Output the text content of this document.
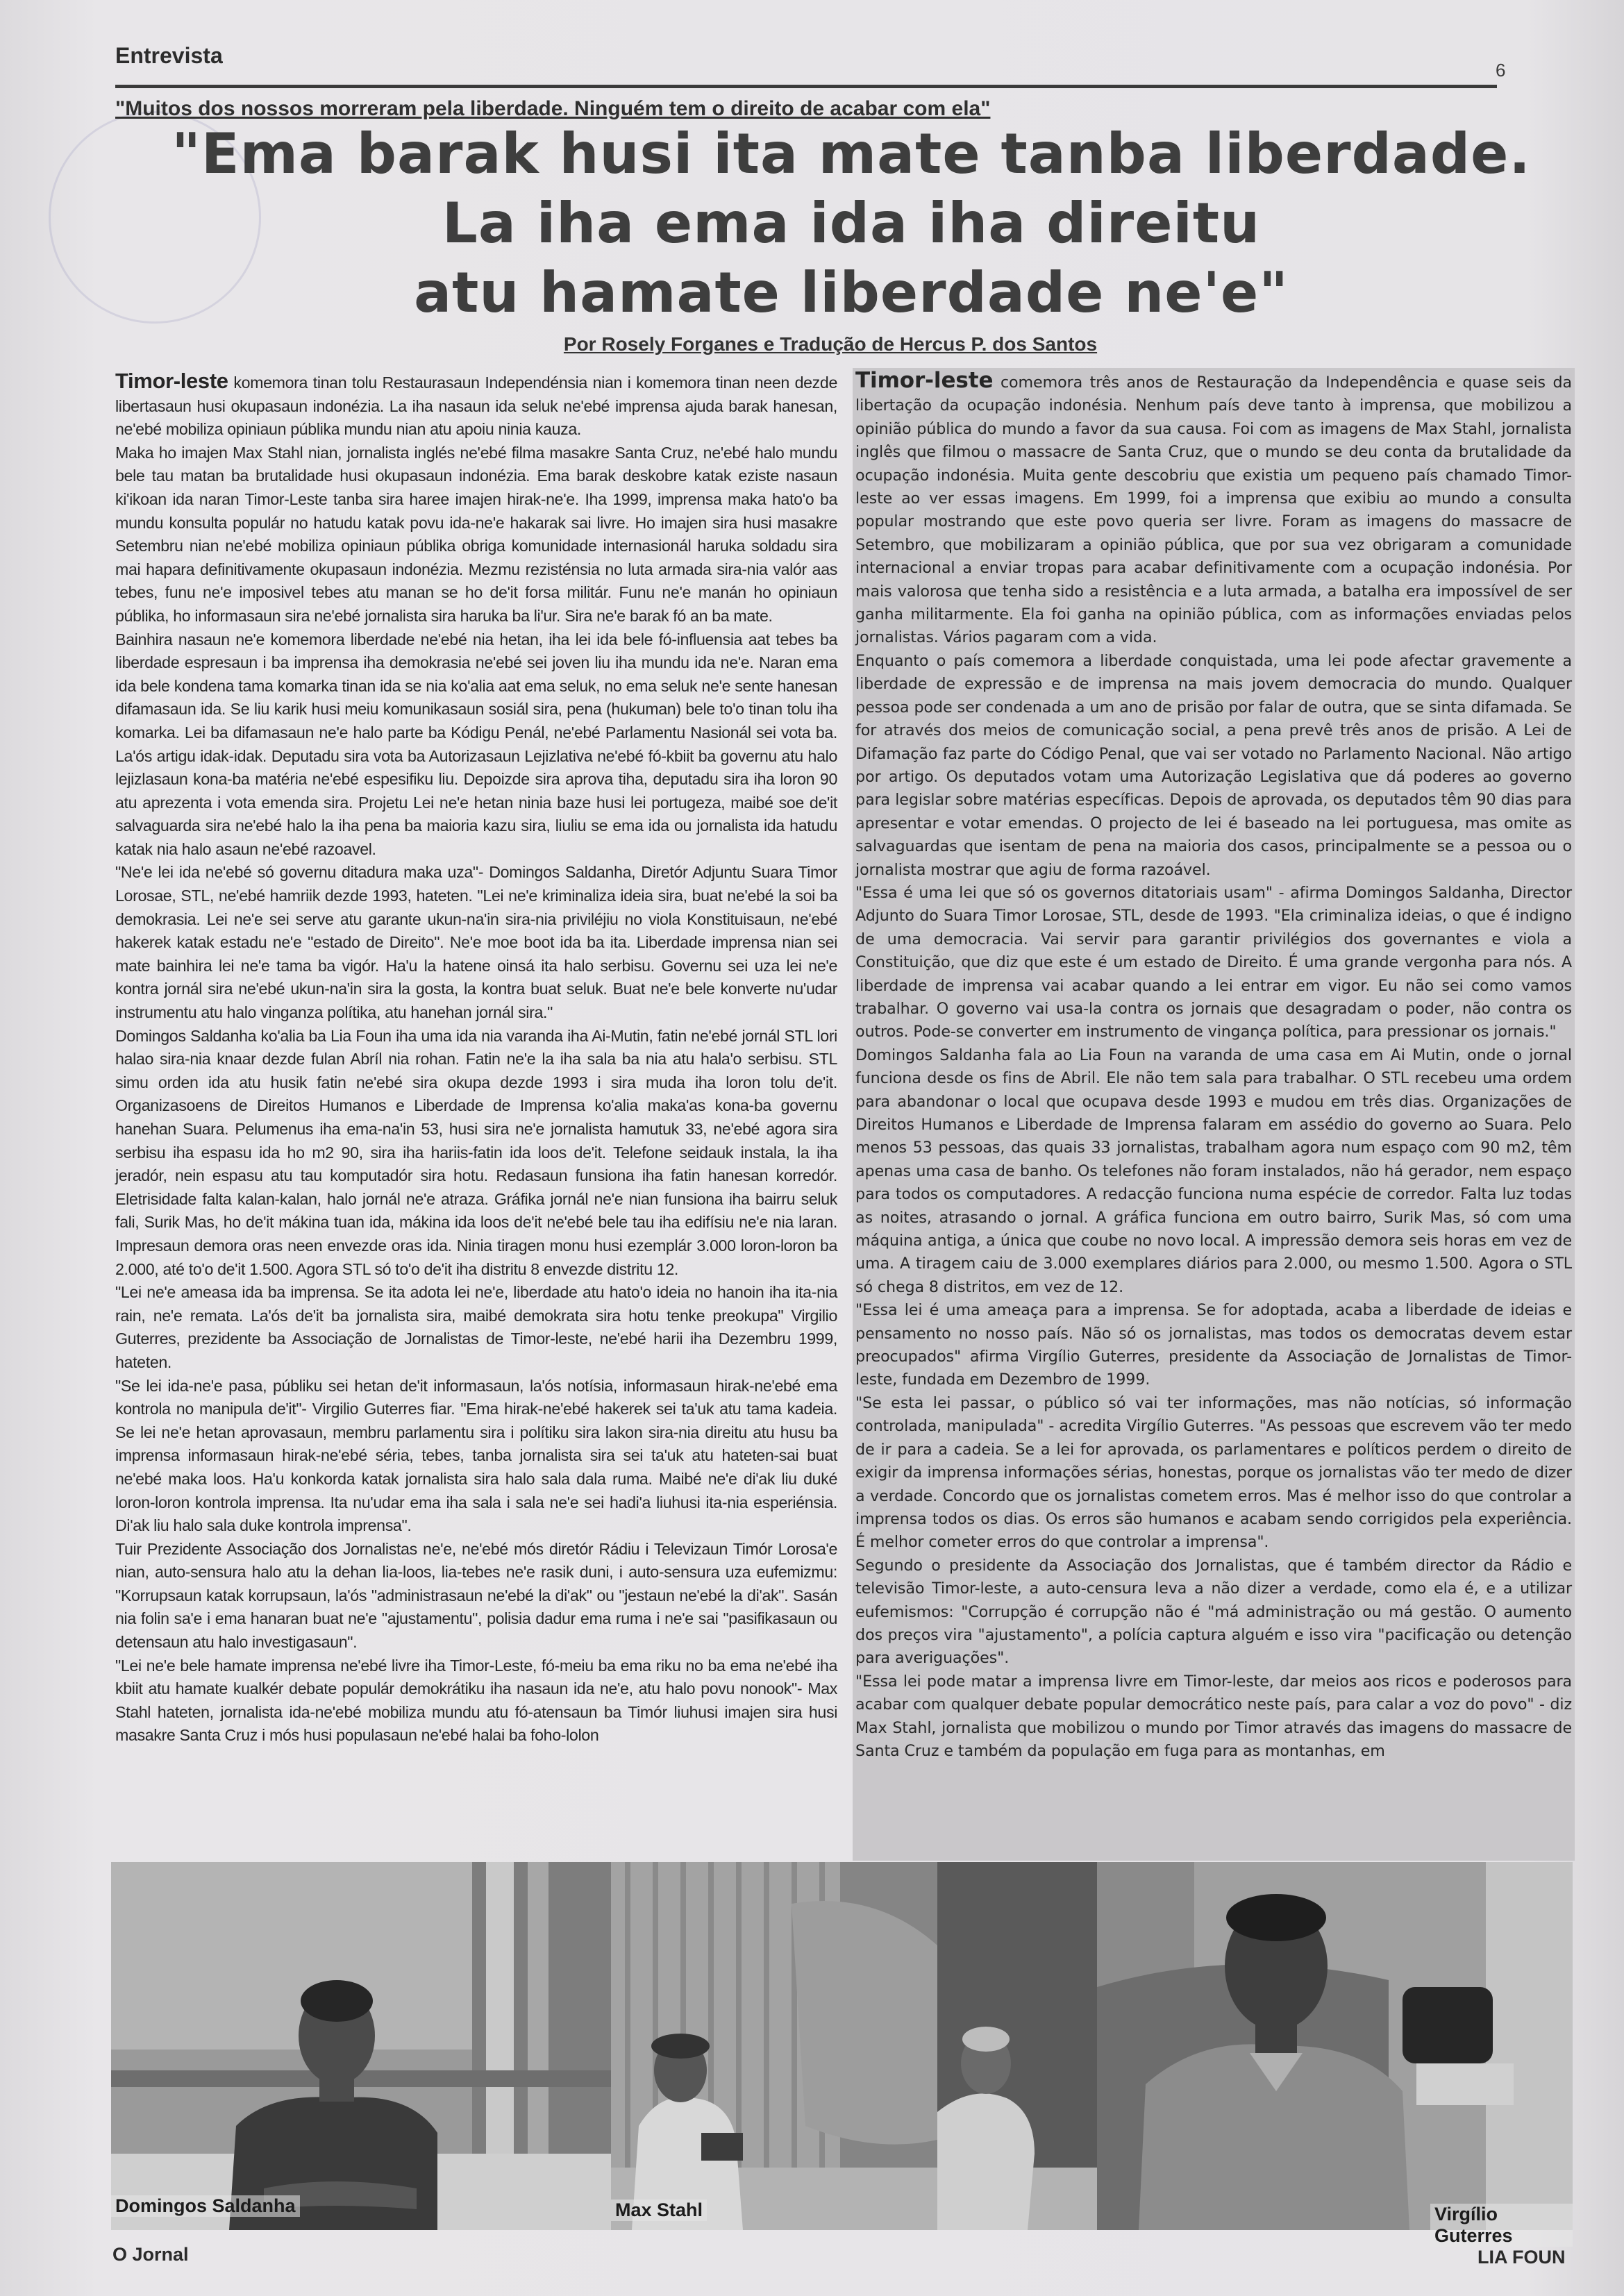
Entrevista
6
"Muitos dos nossos morreram pela liberdade. Ninguém tem o direito de acabar com ela"
"Ema barak husi ita mate tanba liberdade.
La iha ema ida iha direitu
atu hamate liberdade ne'e"
Por Rosely Forganes e Tradução de Hercus P. dos Santos

Timor-leste komemora tinan tolu Restaurasaun Independénsia nian i komemora tinan neen dezde libertasaun husi okupasaun indonézia. La iha nasaun ida seluk ne'ebé imprensa ajuda barak hanesan, ne'ebé mobiliza opiniaun públika mundu nian atu apoiu ninia kauza.

Maka ho imajen Max Stahl nian, jornalista inglés ne'ebé filma masakre Santa Cruz, ne'ebé halo mundu bele tau matan ba brutalidade husi okupasaun indonézia. Ema barak deskobre katak eziste nasaun ki'ikoan ida naran Timor-Leste tanba sira haree imajen hirak-ne'e. Iha 1999, imprensa maka hato'o ba mundu konsulta populár no hatudu katak povu ida-ne'e hakarak sai livre. Ho imajen sira husi masakre Setembru nian ne'ebé mobiliza opiniaun públika obriga komunidade internasionál haruka soldadu sira mai hapara definitivamente okupasaun indonézia. Mezmu rezisténsia no luta armada sira-nia valór aas tebes, funu ne'e imposivel tebes atu manan se ho de'it forsa militár. Funu ne'e manán ho opiniaun públika, ho informasaun sira ne'ebé jornalista sira haruka ba li'ur. Sira ne'e barak fó an ba mate.

Bainhira nasaun ne'e komemora liberdade ne'ebé nia hetan, iha lei ida bele fó-influensia aat tebes ba liberdade espresaun i ba imprensa iha demokrasia ne'ebé sei joven liu iha mundu ida ne'e. Naran ema ida bele kondena tama komarka tinan ida se nia ko'alia aat ema seluk, no ema seluk ne'e sente hanesan difamasaun ida. Se liu karik husi meiu komunikasaun sosiál sira, pena (hukuman) bele to'o tinan tolu iha komarka. Lei ba difamasaun ne'e halo parte ba Kódigu Penál, ne'ebé Parlamentu Nasionál sei vota ba. La'ós artigu idak-idak. Deputadu sira vota ba Autorizasaun Lejizlativa ne'ebé fó-kbiit ba governu atu halo lejizlasaun kona-ba matéria ne'ebé espesifiku liu. Depoizde sira aprova tiha, deputadu sira iha loron 90 atu aprezenta i vota emenda sira. Projetu Lei ne'e hetan ninia baze husi lei portugeza, maibé soe de'it salvaguarda sira ne'ebé halo la iha pena ba maioria kazu sira, liuliu se ema ida ou jornalista ida hatudu katak nia halo asaun ne'ebé razoavel.

"Ne'e lei ida ne'ebé só governu ditadura maka uza"- Domingos Saldanha, Diretór Adjuntu Suara Timor Lorosae, STL, ne'ebé hamriik dezde 1993, hateten. "Lei ne'e kriminaliza ideia sira, buat ne'ebé la soi ba demokrasia. Lei ne'e sei serve atu garante ukun-na'in sira-nia priviléjiu no viola Konstituisaun, ne'ebé hakerek katak estadu ne'e "estado de Direito". Ne'e moe boot ida ba ita. Liberdade imprensa nian sei mate bainhira lei ne'e tama ba vigór. Ha'u la hatene oinsá ita halo serbisu. Governu sei uza lei ne'e kontra jornál sira ne'ebé ukun-na'in sira la gosta, la kontra buat seluk. Buat ne'e bele konverte nu'udar instrumentu atu halo vinganza polítika, atu hanehan jornál sira."

Domingos Saldanha ko'alia ba Lia Foun iha uma ida nia varanda iha Ai-Mutin, fatin ne'ebé jornál STL lori halao sira-nia knaar dezde fulan Abríl nia rohan. Fatin ne'e la iha sala ba nia atu hala'o serbisu. STL simu orden ida atu husik fatin ne'ebé sira okupa dezde 1993 i sira muda iha loron tolu de'it. Organizasoens de Direitos Humanos e Liberdade de Imprensa ko'alia maka'as kona-ba governu hanehan Suara. Pelumenus iha ema-na'in 53, husi sira ne'e jornalista hamutuk 33, ne'ebé agora sira serbisu iha espasu ida ho m2 90, sira iha hariis-fatin ida loos de'it. Telefone seidauk instala, la iha jeradór, nein espasu atu tau komputadór sira hotu. Redasaun funsiona iha fatin hanesan korredór. Eletrisidade falta kalan-kalan, halo jornál ne'e atraza. Gráfika jornál ne'e nian funsiona iha bairru seluk fali, Surik Mas, ho de'it mákina tuan ida, mákina ida loos de'it ne'ebé bele tau iha edifísiu ne'e nia laran. Impresaun demora oras neen envezde oras ida. Ninia tiragen monu husi ezemplár 3.000 loron-loron ba 2.000, até to'o de'it 1.500. Agora STL só to'o de'it iha distritu 8 envezde distritu 12.

"Lei ne'e ameasa ida ba imprensa. Se ita adota lei ne'e, liberdade atu hato'o ideia no hanoin iha ita-nia rain, ne'e remata. La'ós de'it ba jornalista sira, maibé demokrata sira hotu tenke preokupa" Virgilio Guterres, prezidente ba Associação de Jornalistas de Timor-leste, ne'ebé harii iha Dezembru 1999, hateten.

"Se lei ida-ne'e pasa, públiku sei hetan de'it informasaun, la'ós notísia, informasaun hirak-ne'ebé ema kontrola no manipula de'it"- Virgilio Guterres fiar. "Ema hirak-ne'ebé hakerek sei ta'uk atu tama kadeia. Se lei ne'e hetan aprovasaun, membru parlamentu sira i polítiku sira lakon sira-nia direitu atu husu ba imprensa informasaun hirak-ne'ebé séria, tebes, tanba jornalista sira sei ta'uk atu hateten-sai buat ne'ebé maka loos. Ha'u konkorda katak jornalista sira halo sala dala ruma. Maibé ne'e di'ak liu duké loron-loron kontrola imprensa. Ita nu'udar ema iha sala i sala ne'e sei hadi'a liuhusi ita-nia esperiénsia. Di'ak liu halo sala duke kontrola imprensa".

Tuir Prezidente Associação dos Jornalistas ne'e, ne'ebé mós diretór Rádiu i Televizaun Timór Lorosa'e nian, auto-sensura halo atu la dehan lia-loos, lia-tebes ne'e rasik duni, i auto-sensura uza eufemizmu: "Korrupsaun katak korrupsaun, la'ós "administrasaun ne'ebé la di'ak" ou "jestaun ne'ebé la di'ak". Sasán nia folin sa'e i ema hanaran buat ne'e "ajustamentu", polisia dadur ema ruma i ne'e sai "pasifikasaun ou detensaun atu halo investigasaun".

"Lei ne'e bele hamate imprensa ne'ebé livre iha Timor-Leste, fó-meiu ba ema riku no ba ema ne'ebé iha kbiit atu hamate kualkér debate populár demokrátiku iha nasaun ida ne'e, atu halo povu nonook"- Max Stahl hateten, jornalista ida-ne'ebé mobiliza mundu atu fó-atensaun ba Timór liuhusi imajen sira husi masakre Santa Cruz i mós husi populasaun ne'ebé halai ba foho-lolon

Timor-leste comemora três anos de Restauração da Independência e quase seis da libertação da ocupação indonésia. Nenhum país deve tanto à imprensa, que mobilizou a opinião pública do mundo a favor da sua causa. Foi com as imagens de Max Stahl, jornalista inglês que filmou o massacre de Santa Cruz, que o mundo se deu conta da brutalidade da ocupação indonésia. Muita gente descobriu que existia um pequeno país chamado Timor-leste ao ver essas imagens. Em 1999, foi a imprensa que exibiu ao mundo a consulta popular mostrando que este povo queria ser livre. Foram as imagens do massacre de Setembro, que mobilizaram a opinião pública, que por sua vez obrigaram a comunidade internacional a enviar tropas para acabar definitivamente com a ocupação indonésia. Por mais valorosa que tenha sido a resistência e a luta armada, a batalha era impossível de ser ganha militarmente. Ela foi ganha na opinião pública, com as informações enviadas pelos jornalistas. Vários pagaram com a vida.

Enquanto o país comemora a liberdade conquistada, uma lei pode afectar gravemente a liberdade de expressão e de imprensa na mais jovem democracia do mundo. Qualquer pessoa pode ser condenada a um ano de prisão por falar de outra, que se sinta difamada. Se for através dos meios de comunicação social, a pena prevê três anos de prisão. A Lei de Difamação faz parte do Código Penal, que vai ser votado no Parlamento Nacional. Não artigo por artigo. Os deputados votam uma Autorização Legislativa que dá poderes ao governo para legislar sobre matérias específicas. Depois de aprovada, os deputados têm 90 dias para apresentar e votar emendas. O projecto de lei é baseado na lei portuguesa, mas omite as salvaguardas que isentam de pena na maioria dos casos, principalmente se a pessoa ou o jornalista mostrar que agiu de forma razoável.

"Essa é uma lei que só os governos ditatoriais usam" - afirma Domingos Saldanha, Director Adjunto do Suara Timor Lorosae, STL, desde de 1993. "Ela criminaliza ideias, o que é indigno de uma democracia. Vai servir para garantir privilégios dos governantes e viola a Constituição, que diz que este é um estado de Direito. É uma grande vergonha para nós. A liberdade de imprensa vai acabar quando a lei entrar em vigor. Eu não sei como vamos trabalhar. O governo vai usa-la contra os jornais que desagradam o poder, não contra os outros. Pode-se converter em instrumento de vingança política, para pressionar os jornais."

Domingos Saldanha fala ao Lia Foun na varanda de uma casa em Ai Mutin, onde o jornal funciona desde os fins de Abril. Ele não tem sala para trabalhar. O STL recebeu uma ordem para abandonar o local que ocupava desde 1993 e mudou em três dias. Organizações de Direitos Humanos e Liberdade de Imprensa falaram em assédio do governo ao Suara. Pelo menos 53 pessoas, das quais 33 jornalistas, trabalham agora num espaço com 90 m2, têm apenas uma casa de banho. Os telefones não foram instalados, não há gerador, nem espaço para todos os computadores. A redacção funciona numa espécie de corredor. Falta luz todas as noites, atrasando o jornal. A gráfica funciona em outro bairro, Surik Mas, só com uma máquina antiga, a única que coube no novo local. A impressão demora seis horas em vez de uma. A tiragem caiu de 3.000 exemplares diários para 2.000, ou mesmo 1.500. Agora o STL só chega 8 distritos, em vez de 12.

"Essa lei é uma ameaça para a imprensa. Se for adoptada, acaba a liberdade de ideias e pensamento no nosso país. Não só os jornalistas, mas todos os democratas devem estar preocupados" afirma Virgílio Guterres, presidente da Associação de Jornalistas de Timor-leste, fundada em Dezembro de 1999.

"Se esta lei passar, o público só vai ter informações, mas não notícias, só informação controlada, manipulada" - acredita Virgílio Guterres. "As pessoas que escrevem vão ter medo de ir para a cadeia. Se a lei for aprovada, os parlamentares e políticos perdem o direito de exigir da imprensa informações sérias, honestas, porque os jornalistas vão ter medo de dizer a verdade. Concordo que os jornalistas cometem erros. Mas é melhor isso do que controlar a imprensa todos os dias. Os erros são humanos e acabam sendo corrigidos pela experiência. É melhor cometer erros do que controlar a imprensa".

Segundo o presidente da Associação dos Jornalistas, que é também director da Rádio e televisão Timor-leste, a auto-censura leva a não dizer a verdade, como ela é, e a utilizar eufemismos: "Corrupção é corrupção não é "má administração ou má gestão. O aumento dos preços vira "ajustamento", a polícia captura alguém e isso vira "pacificação ou detenção para averiguações".

"Essa lei pode matar a imprensa livre em Timor-leste, dar meios aos ricos e poderosos para acabar com qualquer debate popular democrático neste país, para calar a voz do povo" - diz Max Stahl, jornalista que mobilizou o mundo por Timor através das imagens do massacre de Santa Cruz e também da população em fuga para as montanhas, em

Domingos Saldanha	Max Stahl	Virgílio Guterres
O Jornal	LIA FOUN
